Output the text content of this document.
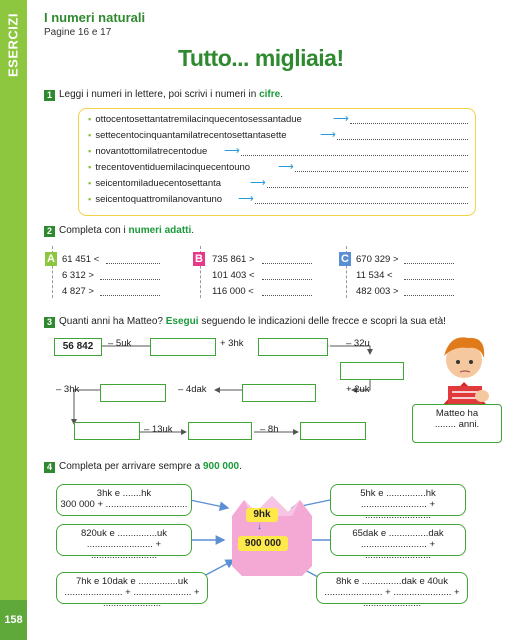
ESERCIZI
158
I numeri naturali
Pagine 16 e 17
Tutto... migliaia!
1 Leggi i numeri in lettere, poi scrivi i numeri in cifre.
• ottocentosettantatremilacinquecentosessantadue	⟶
• settecentocinquantamilatrecentosettantasette	⟶
• novantottomilatrecentodue ⟶
• trecentoventiduemilacinquecentouno	⟶
• seicentomiladuecentosettanta	⟶
• seicentoquattromilanovantuno ⟶
2 Completa con i numeri adatti.
A 61 451 <
6 312 >
4 827 >
B 735 861 >
101 403 <
116 000 <
C 670 329 >
11 534 <
482 003 >
3 Quanti anni ha Matteo? Esegui seguendo le indicazioni delle frecce e scopri la sua età!
56 842	– 5uk	+ 3hk	– 32u
– 3hk	– 4dak	+ 2uk
– 13uk	– 8h
Matteo ha
........ anni.
4 Completa per arrivare sempre a 900 000.
9hk
↓
900 000
3hk e .......hk
300 000 + ...............................
820uk e ...............uk
......................... + .........................
7hk e 10dak e ...............uk
...................... + ...................... + ......................
5hk e ...............hk
......................... + .........................
65dak e ...............dak
......................... + .........................
8hk e ...............dak e 40uk
...................... + ...................... + ......................
